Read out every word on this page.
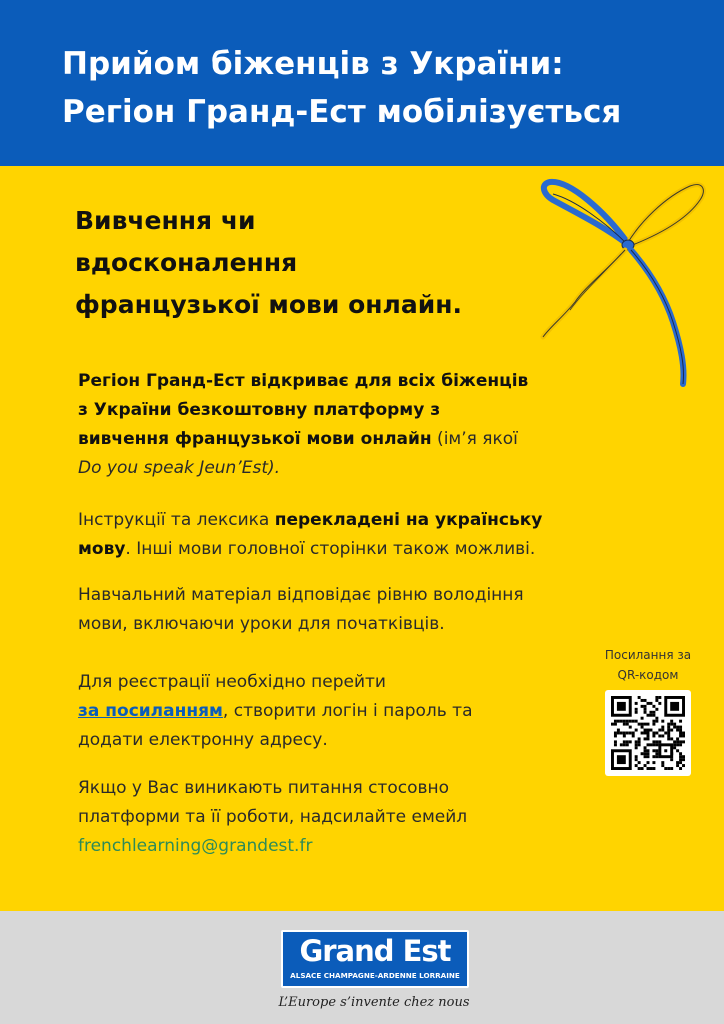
Прийом біженців з України:
Регіон Гранд-Ест мобілізується
Вивчення чи
вдосконалення
французької мови онлайн.
Регіон Гранд-Ест відкриває для всіх біженців
з України безкоштовну платформу з
вивчення французької мови онлайн (ім’я якої
Do you speak Jeun’Est).
Інструкції та лексика перекладені на українську
мову. Інші мови головної сторінки також можливі.
Навчальний матеріал відповідає рівню володіння
мови, включаючи уроки для початківців.
Для реєстрації необхідно перейти
за посиланням, створити логін і пароль та
додати електронну адресу.
Якщо у Вас виникають питання стосовно
платформи та її роботи, надсилайте емейл
frenchlearning@grandest.fr
Посилання за
QR-кодом
Grand Est
ALSACE CHAMPAGNE-ARDENNE LORRAINE
L’Europe s’invente chez nous
